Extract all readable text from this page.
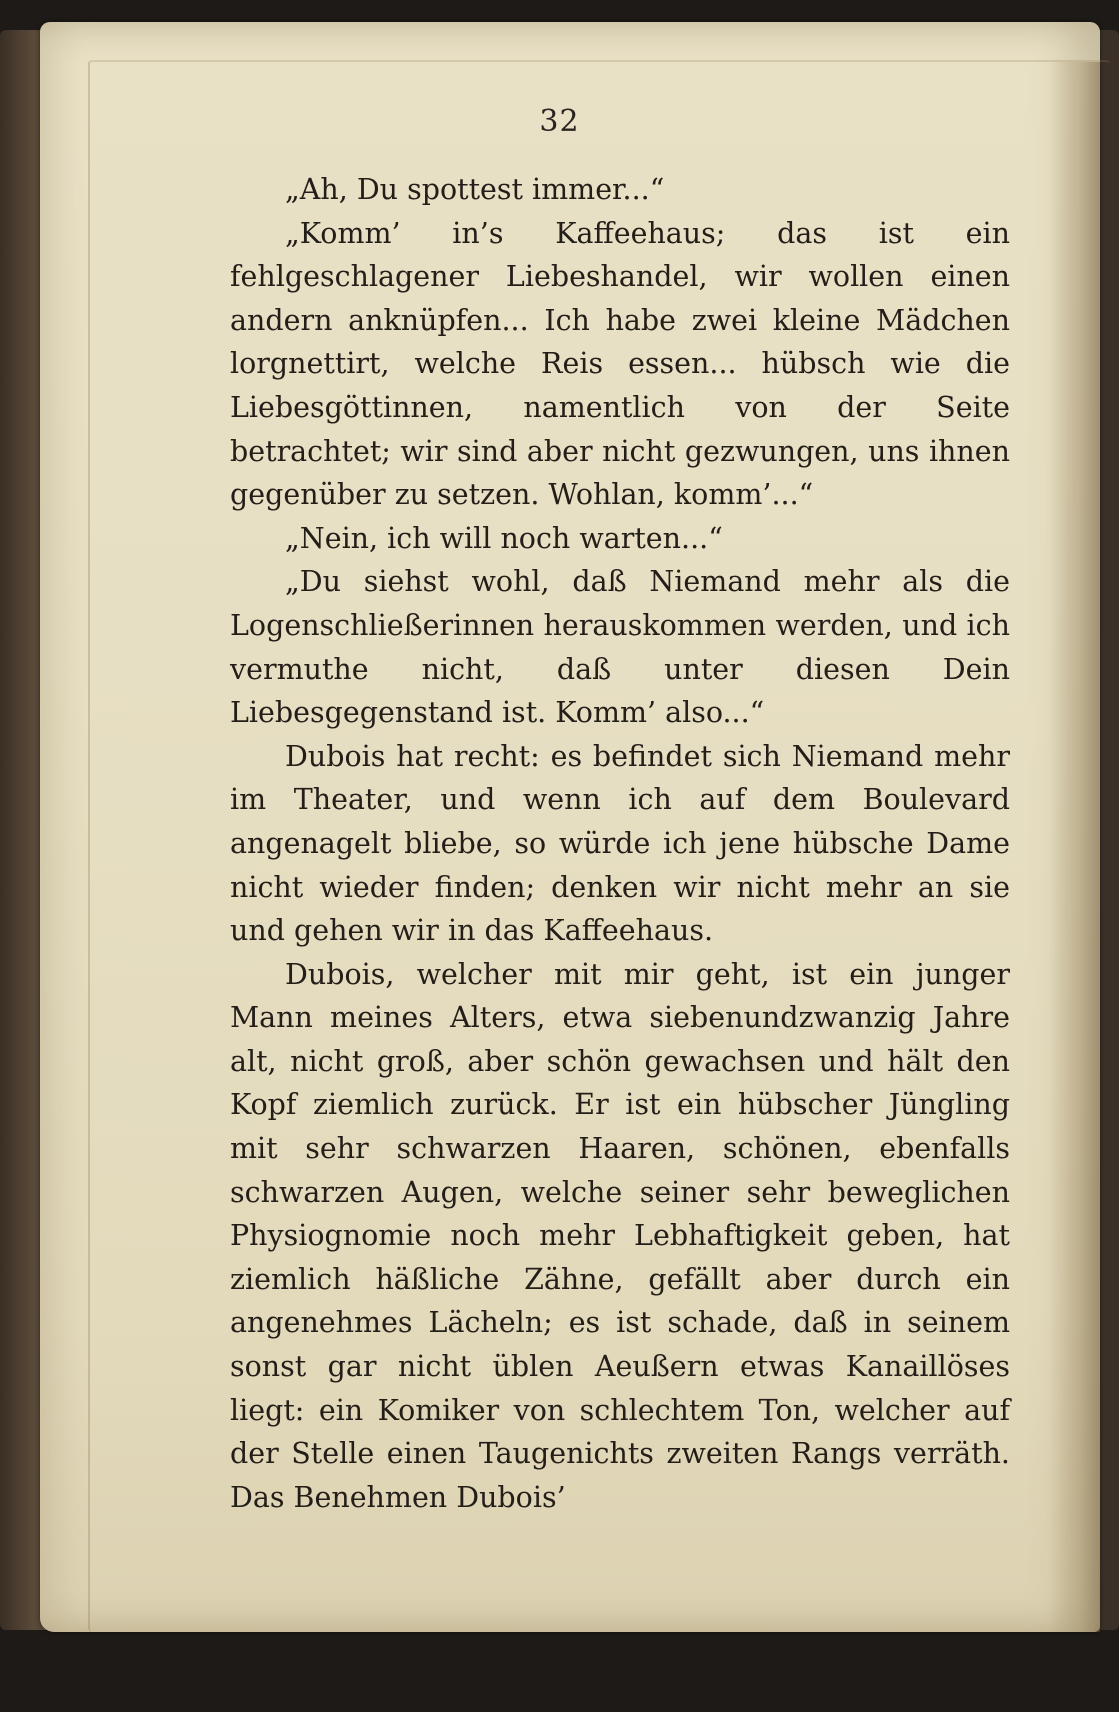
32

„Ah, Du spottest immer...“

„Komm’ in’s Kaffeehaus; das ist ein fehlgeschlagener Liebeshandel, wir wollen einen andern anknüpfen... Ich habe zwei kleine Mädchen lorgnettirt, welche Reis essen... hübsch wie die Liebesgöttinnen, namentlich von der Seite betrachtet; wir sind aber nicht gezwungen, uns ihnen gegenüber zu setzen. Wohlan, komm’...“

„Nein, ich will noch warten...“

„Du siehst wohl, daß Niemand mehr als die Logenschließerinnen herauskommen werden, und ich vermuthe nicht, daß unter diesen Dein Liebesgegenstand ist. Komm’ also...“

Dubois hat recht: es befindet sich Niemand mehr im Theater, und wenn ich auf dem Boulevard angenagelt bliebe, so würde ich jene hübsche Dame nicht wieder finden; denken wir nicht mehr an sie und gehen wir in das Kaffeehaus.

Dubois, welcher mit mir geht, ist ein junger Mann meines Alters, etwa siebenundzwanzig Jahre alt, nicht groß, aber schön gewachsen und hält den Kopf ziemlich zurück. Er ist ein hübscher Jüngling mit sehr schwarzen Haaren, schönen, ebenfalls schwarzen Augen, welche seiner sehr beweglichen Physiognomie noch mehr Lebhaftigkeit geben, hat ziemlich häßliche Zähne, gefällt aber durch ein angenehmes Lächeln; es ist schade, daß in seinem sonst gar nicht üblen Aeußern etwas Kanaillöses liegt: ein Komiker von schlechtem Ton, welcher auf der Stelle einen Taugenichts zweiten Rangs verräth. Das Benehmen Dubois’
